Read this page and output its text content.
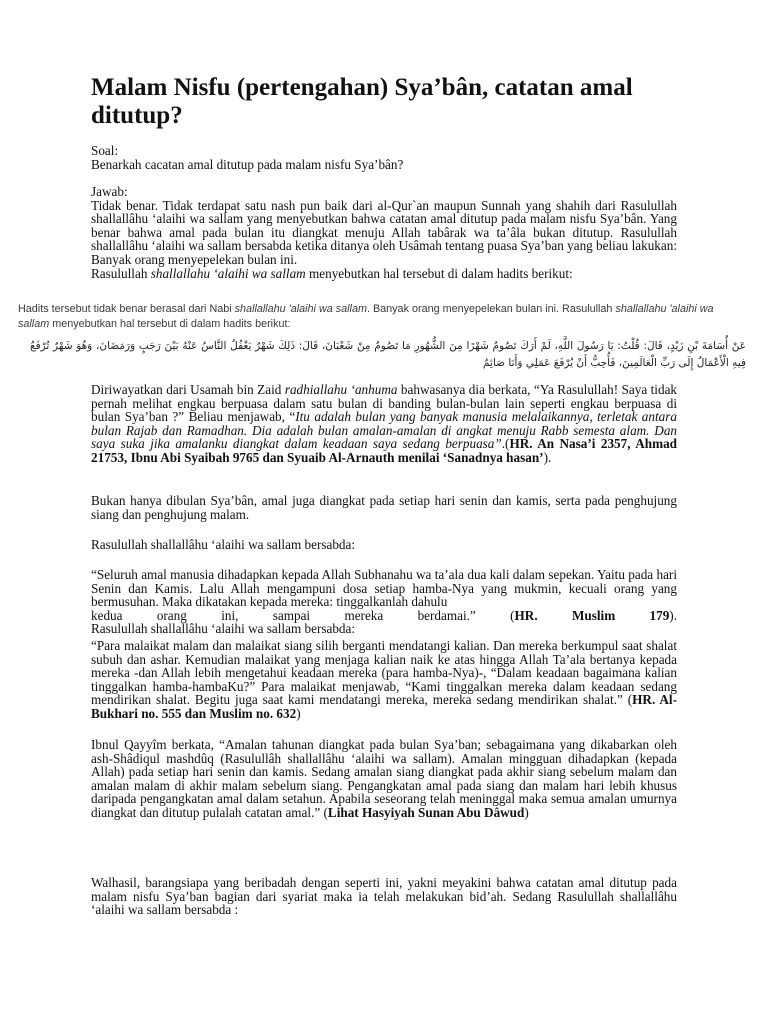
Malam Nisfu (pertengahan) Sya’bân, catatan amal ditutup?
Soal:
Benarkah cacatan amal ditutup pada malam nisfu Sya’bân?
Jawab:
Tidak benar. Tidak terdapat satu nash pun baik dari al-Qur`an maupun Sunnah yang shahih dari Rasulullah shallallâhu ‘alaihi wa sallam yang menyebutkan bahwa catatan amal ditutup pada malam nisfu Sya’bân. Yang benar bahwa amal pada bulan itu diangkat menuju Allah tabârak wa ta’âla bukan ditutup. Rasulullah shallallâhu ‘alaihi wa sallam bersabda ketika ditanya oleh Usâmah tentang puasa Sya’ban yang beliau lakukan: Banyak orang menyepelekan bulan ini.
Rasulullah shallallahu ‘alaihi wa sallam menyebutkan hal tersebut di dalam hadits berikut:
Hadits tersebut tidak benar berasal dari Nabi shallallahu 'alaihi wa sallam. Banyak orang menyepelekan bulan ini. Rasulullah shallallahu 'alaihi wa
sallam menyebutkan hal tersebut di dalam hadits berikut:
عَنْ أُسَامَةَ بْنِ زَيْدٍ، قَالَ: قُلْتُ: يَا رَسُولَ اللَّهِ، لَمْ أَرَكَ تَصُومُ شَهْرًا مِنَ الشُّهُورِ مَا تَصُومُ مِنْ شَعْبَانَ، قَالَ: ذَلِكَ شَهْرٌ يَغْفُلُ النَّاسُ عَنْهُ بَيْنَ رَجَبٍ وَرَمَضَانَ، وَهُوَ شَهْرٌ تُرْفَعُ فِيهِ الْأَعْمَالُ إِلَى رَبِّ الْعَالَمِينَ، فَأُحِبُّ أَنْ يُرْفَعَ عَمَلِي وَأَنَا صَائِمٌ
Diriwayatkan dari Usamah bin Zaid radhiallahu ‘anhuma bahwasanya dia berkata, “Ya Rasulullah! Saya tidak pernah melihat engkau berpuasa dalam satu bulan di banding bulan-bulan lain seperti engkau berpuasa di bulan Sya’ban ?” Beliau menjawab, “Itu adalah bulan yang banyak manusia melalaikannya, terletak antara bulan Rajab dan Ramadhan. Dia adalah bulan amalan-amalan di angkat menuju Rabb semesta alam. Dan saya suka jika amalanku diangkat dalam keadaan saya sedang berpuasa”.(HR. An Nasa’i 2357, Ahmad 21753, Ibnu Abi Syaibah 9765 dan Syuaib Al-Arnauth menilai ‘Sanadnya hasan’).
Bukan hanya dibulan Sya’bân, amal juga diangkat pada setiap hari senin dan kamis, serta pada penghujung siang dan penghujung malam.
Rasulullah shallallâhu ‘alaihi wa sallam bersabda:
“Seluruh amal manusia dihadapkan kepada Allah Subhanahu wa ta’ala dua kali dalam sepekan. Yaitu pada hari Senin dan Kamis. Lalu Allah mengampuni dosa setiap hamba-Nya yang mukmin, kecuali orang yang bermusuhan. Maka dikatakan kepada mereka: tinggalkanlah dahulu
kedua orang ini, sampai mereka berdamai.” (HR. Muslim 179).
Rasulullah shallallâhu ‘alaihi wa sallam bersabda:
“Para malaikat malam dan malaikat siang silih berganti mendatangi kalian. Dan mereka berkumpul saat shalat subuh dan ashar. Kemudian malaikat yang menjaga kalian naik ke atas hingga Allah Ta’ala bertanya kepada mereka -dan Allah lebih mengetahui keadaan mereka (para hamba-Nya)-, “Dalam keadaan bagaimana kalian tinggalkan hamba-hambaKu?” Para malaikat menjawab, “Kami tinggalkan mereka dalam keadaan sedang mendirikan shalat. Begitu juga saat kami mendatangi mereka, mereka sedang mendirikan shalat.” (HR. Al-Bukhari no. 555 dan Muslim no. 632)
Ibnul Qayyîm berkata, “Amalan tahunan diangkat pada bulan Sya’ban; sebagaimana yang dikabarkan oleh ash-Shâdiqul mashdûq (Rasulullâh shallallâhu ‘alaihi wa sallam). Amalan mingguan dihadapkan (kepada Allah) pada setiap hari senin dan kamis. Sedang amalan siang diangkat pada akhir siang sebelum malam dan amalan malam di akhir malam sebelum siang. Pengangkatan amal pada siang dan malam hari lebih khusus daripada pengangkatan amal dalam setahun. Apabila seseorang telah meninggal maka semua amalan umurnya diangkat dan ditutup pulalah catatan amal.” (Lihat Hasyiyah Sunan Abu Dâwud)
Walhasil, barangsiapa yang beribadah dengan seperti ini, yakni meyakini bahwa catatan amal ditutup pada malam nisfu Sya’ban bagian dari syariat maka ia telah melakukan bid’ah. Sedang Rasulullah shallallâhu ‘alaihi wa sallam bersabda :
